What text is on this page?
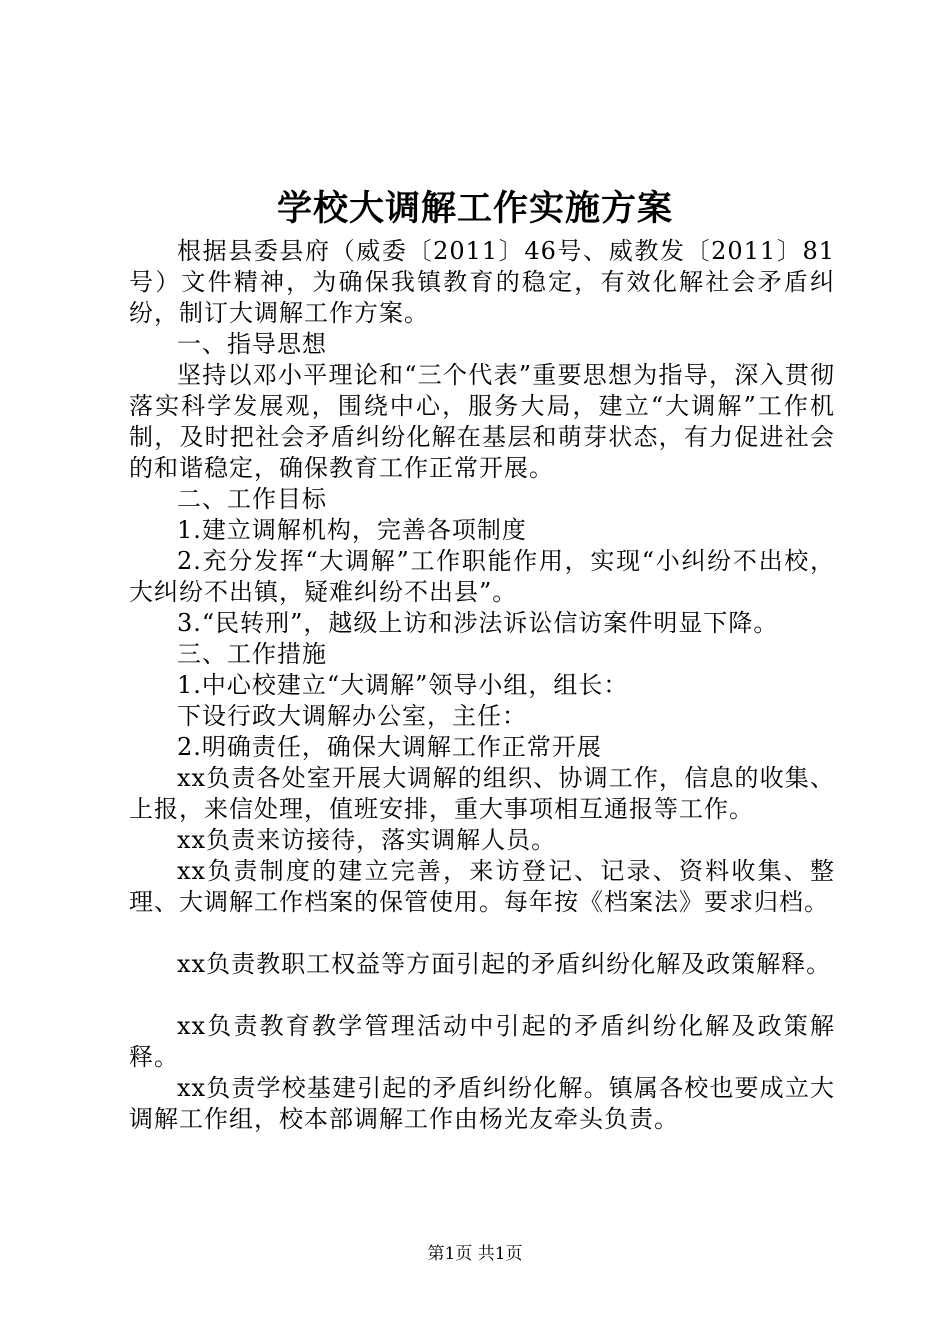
学校大调解工作实施方案

根据县委县府（威委〔2011〕46号、威教发〔2011〕81号）文件精神，为确保我镇教育的稳定，有效化解社会矛盾纠纷，制订大调解工作方案。

一、指导思想

坚持以邓小平理论和“三个代表”重要思想为指导，深入贯彻落实科学发展观，围绕中心，服务大局，建立“大调解”工作机制，及时把社会矛盾纠纷化解在基层和萌芽状态，有力促进社会的和谐稳定，确保教育工作正常开展。

二、工作目标

1.建立调解机构，完善各项制度

2.充分发挥“大调解”工作职能作用，实现“小纠纷不出校，大纠纷不出镇，疑难纠纷不出县”。

3.“民转刑”，越级上访和涉法诉讼信访案件明显下降。

三、工作措施

1.中心校建立“大调解”领导小组，组长：

下设行政大调解办公室，主任：

2.明确责任，确保大调解工作正常开展

xx负责各处室开展大调解的组织、协调工作，信息的收集、上报，来信处理，值班安排，重大事项相互通报等工作。

xx负责来访接待，落实调解人员。

xx负责制度的建立完善，来访登记、记录、资料收集、整理、大调解工作档案的保管使用。每年按《档案法》要求归档。

xx负责教职工权益等方面引起的矛盾纠纷化解及政策解释。

xx负责教育教学管理活动中引起的矛盾纠纷化解及政策解释。

xx负责学校基建引起的矛盾纠纷化解。镇属各校也要成立大调解工作组，校本部调解工作由杨光友牵头负责。

第1页 共1页
